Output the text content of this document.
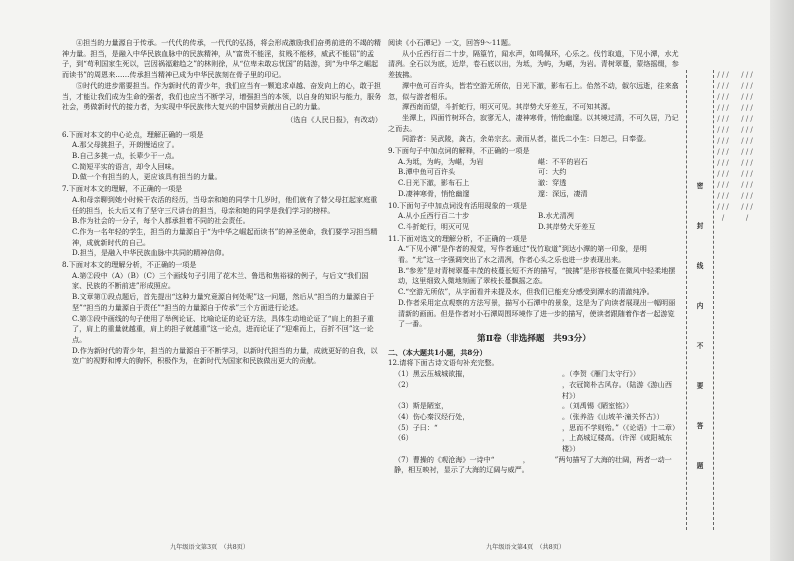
④担当的力量源自于传承。一代代的传承，一代代的弘扬，将会形成激励我们奋勇前进的不竭的精神力量。担当，是融入中华民族血脉中的民族精神，从“富贵不能淫，贫贱不能移，威武不能屈”的孟子，到“苟利国家生死以，岂因祸福避趋之”的林则徐，从“位卑未敢忘忧国”的陆游，到“为中华之崛起而读书”的周恩来……传承担当精神已成为中华民族刻在骨子里的印记。

⑤时代的进步需要担当。作为新时代的青少年，我们应当有一颗追求卓越、奋发向上的心，敢于担当，才能让我们成为生命的强者，我们也应当不断学习，增强担当的本领，以自身的知识与能力，服务社会，勇做新时代的接力者，为实现中华民族伟大复兴的中国梦贡献出自己的力量。

（选自《人民日报》，有改动）

6.下面对本文的中心论点，理解正确的一项是

A.那父母挑担子，开朗慢适应了。

B.自己多挑一点，长辈少干一点。

C.简短平实的语言，却令人回味。

D.做一个有担当的人，更应该具有担当的力量。

7.下面对本文的理解，不正确的一项是

A.和母亲聊到她小时候干农活的经历，当母亲和她的同学十几岁时，他们就有了替父母扛起家庭重任的担当，长大后又有了坚守三尺讲台的担当，母亲和她的同学是我们学习的榜样。

B.作为社会的一分子，每个人都承担着不同的社会责任。

C.作为一名年轻的学生，担当的力量源自于“为中华之崛起而读书”的神圣使命，我们要学习担当精神，成就新时代的自己。

D.担当，是融入中华民族血脉中共同的精神信仰。

8.下面对本文的理解分析，不正确的一项是

A.第②段中（A）（B）（C）三个画线句子引用了花木兰、鲁迅和焦裕禄的例子，与后文“我们国家、民族的不断前进”形成照应。

B.文章第①段点题后，首先提出“这种力量究竟源自何处呢”这一问题，然后从“担当的力量源自于坚”“担当的力量源自于责任”“担当的力量源自于传承”三个方面进行论述。

C.第③段中画线的句子使用了举例论证、比喻论证的论证方法，具体生动地论证了“肩上的担子重了，肩上的重量就越重，肩上的担子就越重”这一论点，进而论证了“迎难而上，百折不回”这一论点。

D.作为新时代的青少年，担当的力量源自于不断学习，以新时代担当的力量，成就更好的自我，以宽广的视野和博大的胸怀，积极作为，在新时代为国家和民族做出更大的贡献。

阅读《小石潭记》一文，回答9～11题。

从小丘西行百二十步，隔篁竹，闻水声，如鸣佩环，心乐之。伐竹取道，下见小潭，水尤清冽。全石以为底，近岸，卷石底以出，为坻，为屿，为嵁，为岩。青树翠蔓，蒙络摇缀，参差披拂。

潭中鱼可百许头，皆若空游无所依，日光下澈，影布石上。佁然不动，俶尔远逝，往来翕忽，似与游者相乐。

潭西南而望，斗折蛇行，明灭可见。其岸势犬牙差互，不可知其源。

坐潭上，四面竹树环合，寂寥无人，凄神寒骨，悄怆幽邃。以其境过清，不可久居，乃记之而去。

同游者：吴武陵，龚古，余弟宗玄。隶而从者，崔氏二小生：曰恕己，曰奉壹。

9.下面句子中加点词的解释，不正确的一项是

A.为坻，为屿，为嵁，为岩	嵁：不平的岩石
B.潭中鱼可百许头	可：大约
C.日光下澈，影布石上	澈：穿透
D.凄神寒骨，悄怆幽邃	邃：深远，凄清

10.下面句子中加点词没有活用现象的一项是

A.从小丘西行百二十步	B.水尤清冽
C.斗折蛇行，明灭可见	D.其岸势犬牙差互

11.下面对选文的理解分析，不正确的一项是

A.“下见小潭”是作者的视觉，写作者通过“伐竹取道”到达小潭的第一印象，是明看。“尤”这一字强调突出了水之清冽，作者心头之乐也进一步表现出来。

B.“参差”是对青树翠蔓丰茂的枝蔓长短不齐的描写，“披拂”是形容枝蔓在微风中轻柔地摆动，这里细致入微地刻画了翠枝长蔓飘摇之态。

C.“空游无所依”，从字面看并未提及水，但我们已能充分感受到潭水的清澈纯净。

D.作者采用定点观察的方法写景，描写小石潭中的景象，这是为了向读者展现出一幅明丽清新的画面。但是作者对小石潭周围环境作了进一步的描写，使读者跟随着作者一起游览了一番。

第Ⅱ卷（非选择题　共93分）

二、（本大题共1小题，共8分）

12.请将下面古诗文语句补充完整。

（1）黑云压城城欲摧，	。（李贺《雁门太守行》）
（2）	，衣冠简朴古风存。（陆游《游山西村》）
（3）斯是陋室，	。（刘禹锡《陋室铭》）
（4）伤心秦汉经行处，	。（张养浩《山坡羊·潼关怀古》）
（5）子曰：“	，思而不学则殆。”（《论语》十二章）
（6）	，上高城辽楼高。（许浑《咸阳城东楼》）

（7）曹操的《观沧海》一诗中“　　　　，　　　　”两句描写了大海的壮阔，两者一动一静，相互映衬，显示了大海的辽阔与威严。

九年级语文第3页　（共8页）	九年级语文第4页　（共8页）
密
封
线
内
不
要
答
题
/ / / / / / / / / / / / / / / / / / / / / / / / / / / / / / / / / / / / / / / /
/ / / / / / / / / / / / / / / / / / / / / / / / / / / / / / / / / / / / / / / /
